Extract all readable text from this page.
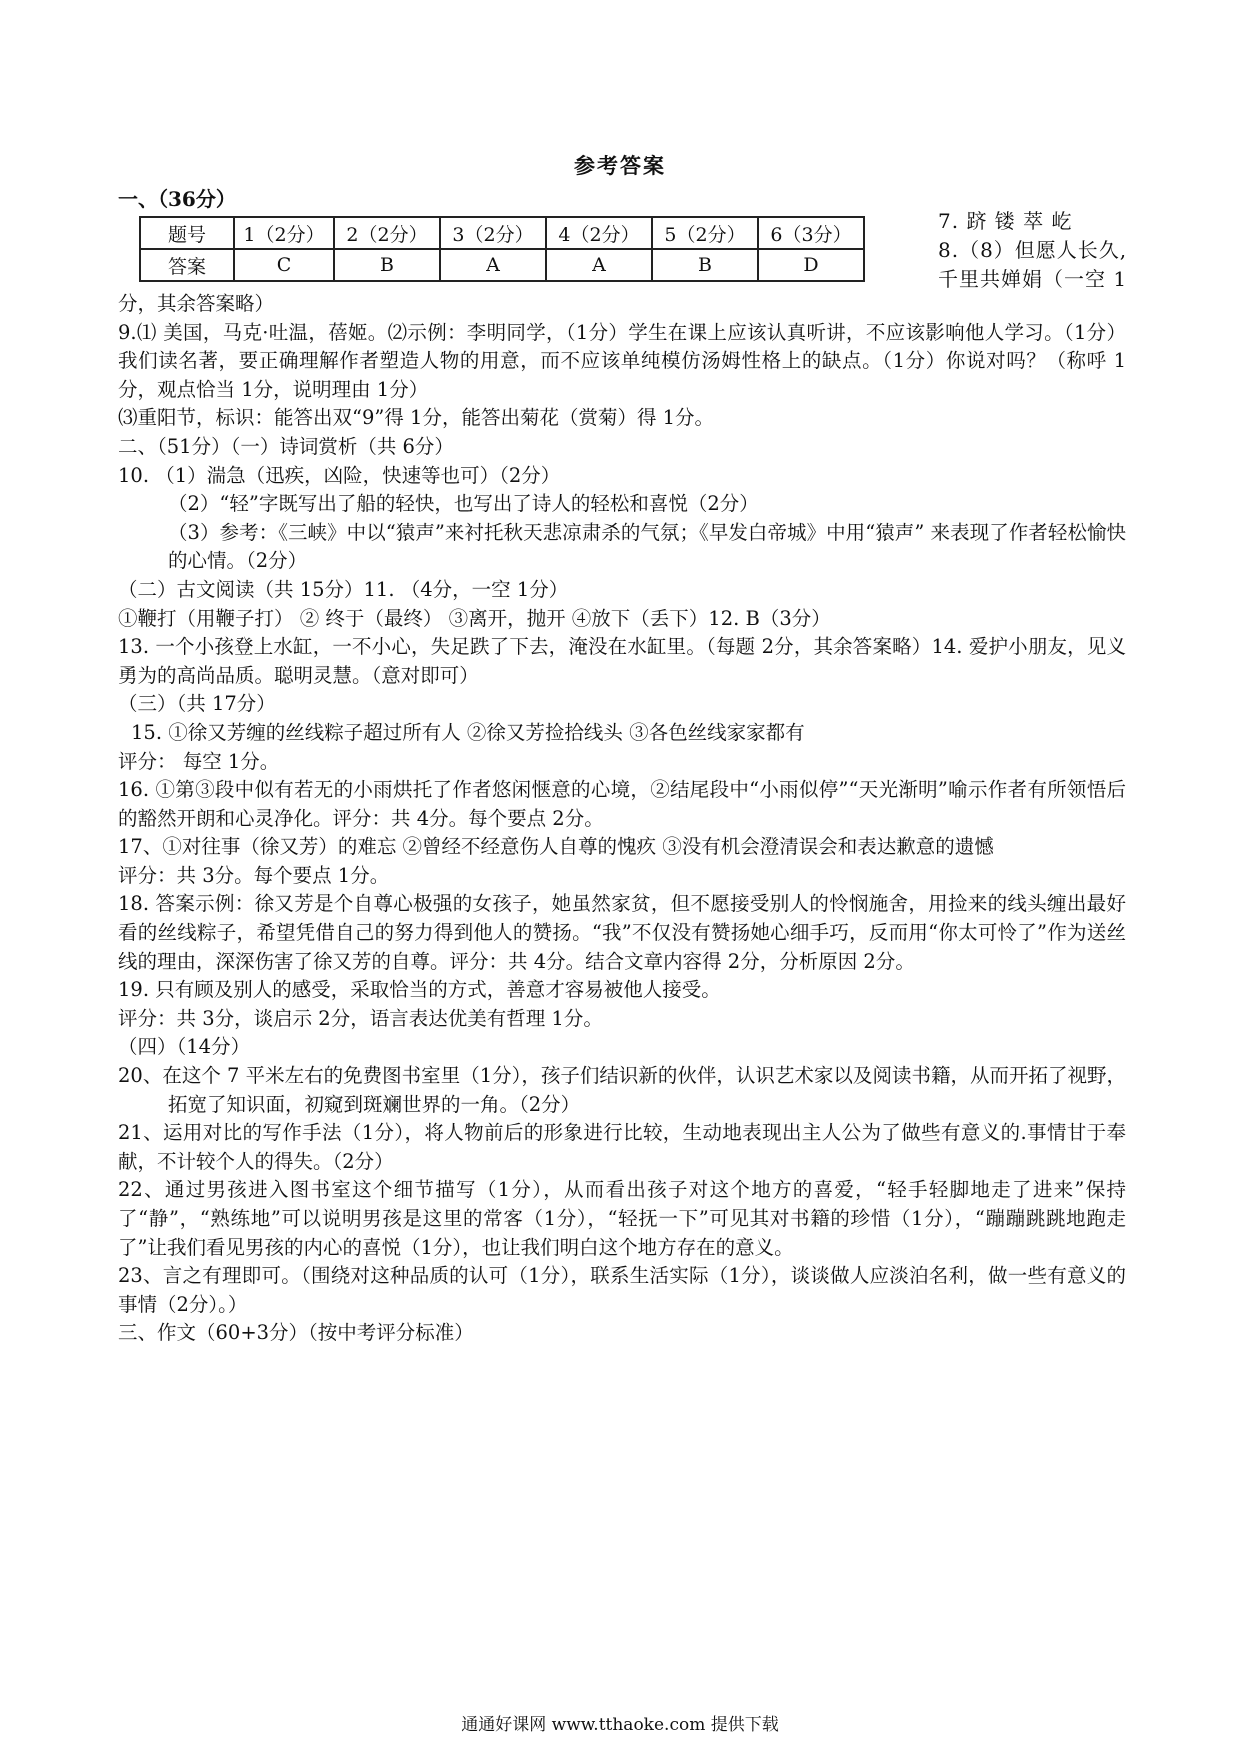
参考答案
一、（36分）
题号	1（2分）	2（2分）	3（2分）	4（2分）	5（2分）	6（3分）
答案	C	B	A	A	B	D
7. 跻 镂 萃 屹
8.（8）但愿人长久,
千里共婵娟（一空 1

分，其余答案略）

9.⑴ 美国，马克·吐温，蓓姬。⑵示例：李明同学，（1分）学生在课上应该认真听讲，不应该影响他人学习。（1分）我们读名著，要正确理解作者塑造人物的用意，而不应该单纯模仿汤姆性格上的缺点。（1分）你说对吗？（称呼 1分，观点恰当 1分，说明理由 1分）

⑶重阳节，标识：能答出双“9”得 1分，能答出菊花（赏菊）得 1分。

二、（51分）（一）诗词赏析（共 6分）

10. （1）湍急（迅疾，凶险，快速等也可）（2分）

（2）“轻”字既写出了船的轻快，也写出了诗人的轻松和喜悦（2分）

（3）参考：《三峡》中以“猿声”来衬托秋天悲凉肃杀的气氛；《早发白帝城》中用“猿声” 来表现了作者轻松愉快的心情。（2分）

（二）古文阅读（共 15分）11. （4分，一空 1分）

①鞭打（用鞭子打） ② 终于（最终） ③离开，抛开 ④放下（丢下）12. B（3分）

13. 一个小孩登上水缸，一不小心，失足跌了下去，淹没在水缸里。（每题 2分，其余答案略）14. 爱护小朋友，见义勇为的高尚品质。聪明灵慧。（意对即可）

（三）（共 17分）

15. ①徐又芳缠的丝线粽子超过所有人 ②徐又芳捡拾线头 ③各色丝线家家都有

评分： 每空 1分。

16. ①第③段中似有若无的小雨烘托了作者悠闲惬意的心境，②结尾段中“小雨似停”“天光渐明”喻示作者有所领悟后的豁然开朗和心灵净化。评分：共 4分。每个要点 2分。

17、①对往事（徐又芳）的难忘 ②曾经不经意伤人自尊的愧疚 ③没有机会澄清误会和表达歉意的遗憾

评分：共 3分。每个要点 1分。

18. 答案示例：徐又芳是个自尊心极强的女孩子，她虽然家贫，但不愿接受别人的怜悯施舍，用捡来的线头缠出最好看的丝线粽子，希望凭借自己的努力得到他人的赞扬。“我”不仅没有赞扬她心细手巧，反而用“你太可怜了”作为送丝线的理由，深深伤害了徐又芳的自尊。评分：共 4分。结合文章内容得 2分，分析原因 2分。

19. 只有顾及别人的感受，采取恰当的方式，善意才容易被他人接受。

评分：共 3分，谈启示 2分，语言表达优美有哲理 1分。

（四）（14分）

20、在这个 7 平米左右的免费图书室里（1分），孩子们结识新的伙伴，认识艺术家以及阅读书籍，从而开拓了视野，拓宽了知识面，初窥到斑斓世界的一角。（2分）

21、运用对比的写作手法（1分），将人物前后的形象进行比较，生动地表现出主人公为了做些有意义的.事情甘于奉献，不计较个人的得失。（2分）

22、通过男孩进入图书室这个细节描写（1分），从而看出孩子对这个地方的喜爱，“轻手轻脚地走了进来”保持了“静”，“熟练地”可以说明男孩是这里的常客（1分），“轻抚一下”可见其对书籍的珍惜（1分），“蹦蹦跳跳地跑走了”让我们看见男孩的内心的喜悦（1分），也让我们明白这个地方存在的意义。

23、言之有理即可。（围绕对这种品质的认可（1分），联系生活实际（1分），谈谈做人应淡泊名利，做一些有意义的事情（2分）。）

三、作文（60+3分）（按中考评分标准）

通通好课网 www.tthaoke.com 提供下载
